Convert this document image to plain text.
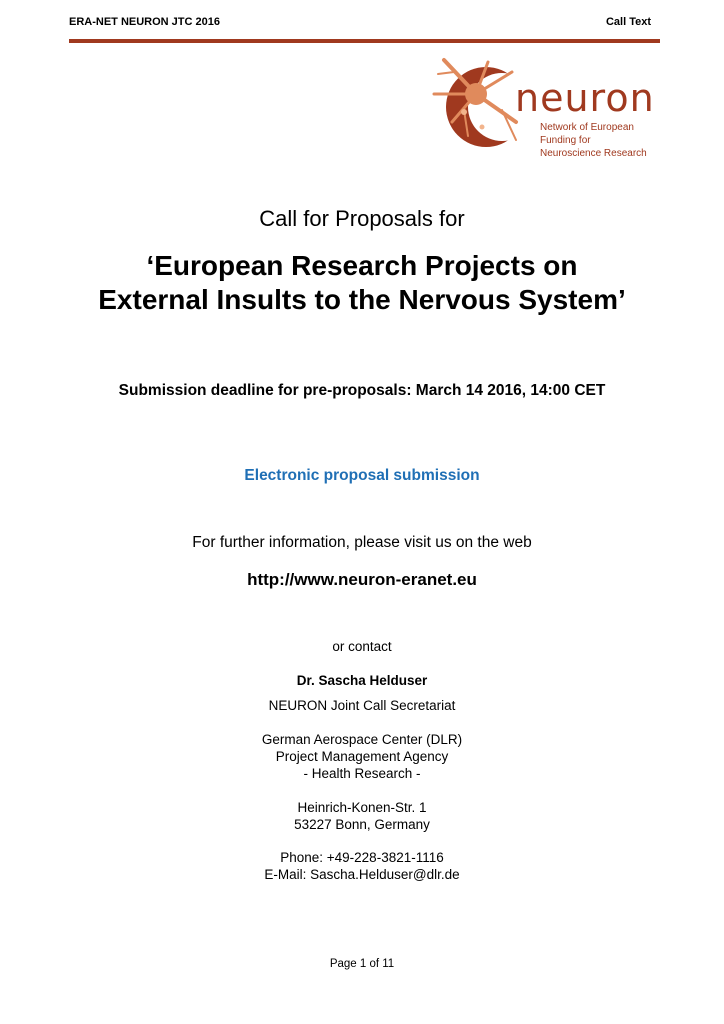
ERA-NET NEURON JTC 2016	Call Text
neuron
Network of European
Funding for
Neuroscience Research
Call for Proposals for
‘European Research Projects on
External Insults to the Nervous System’
Submission deadline for pre-proposals: March 14 2016, 14:00 CET
Electronic proposal submission
For further information, please visit us on the web
http://www.neuron-eranet.eu
or contact
Dr. Sascha Helduser
NEURON Joint Call Secretariat
German Aerospace Center (DLR)
Project Management Agency
- Health Research -
Heinrich-Konen-Str. 1
53227 Bonn, Germany
Phone: +49-228-3821-1116
E-Mail: Sascha.Helduser@dlr.de
Page 1 of 11
